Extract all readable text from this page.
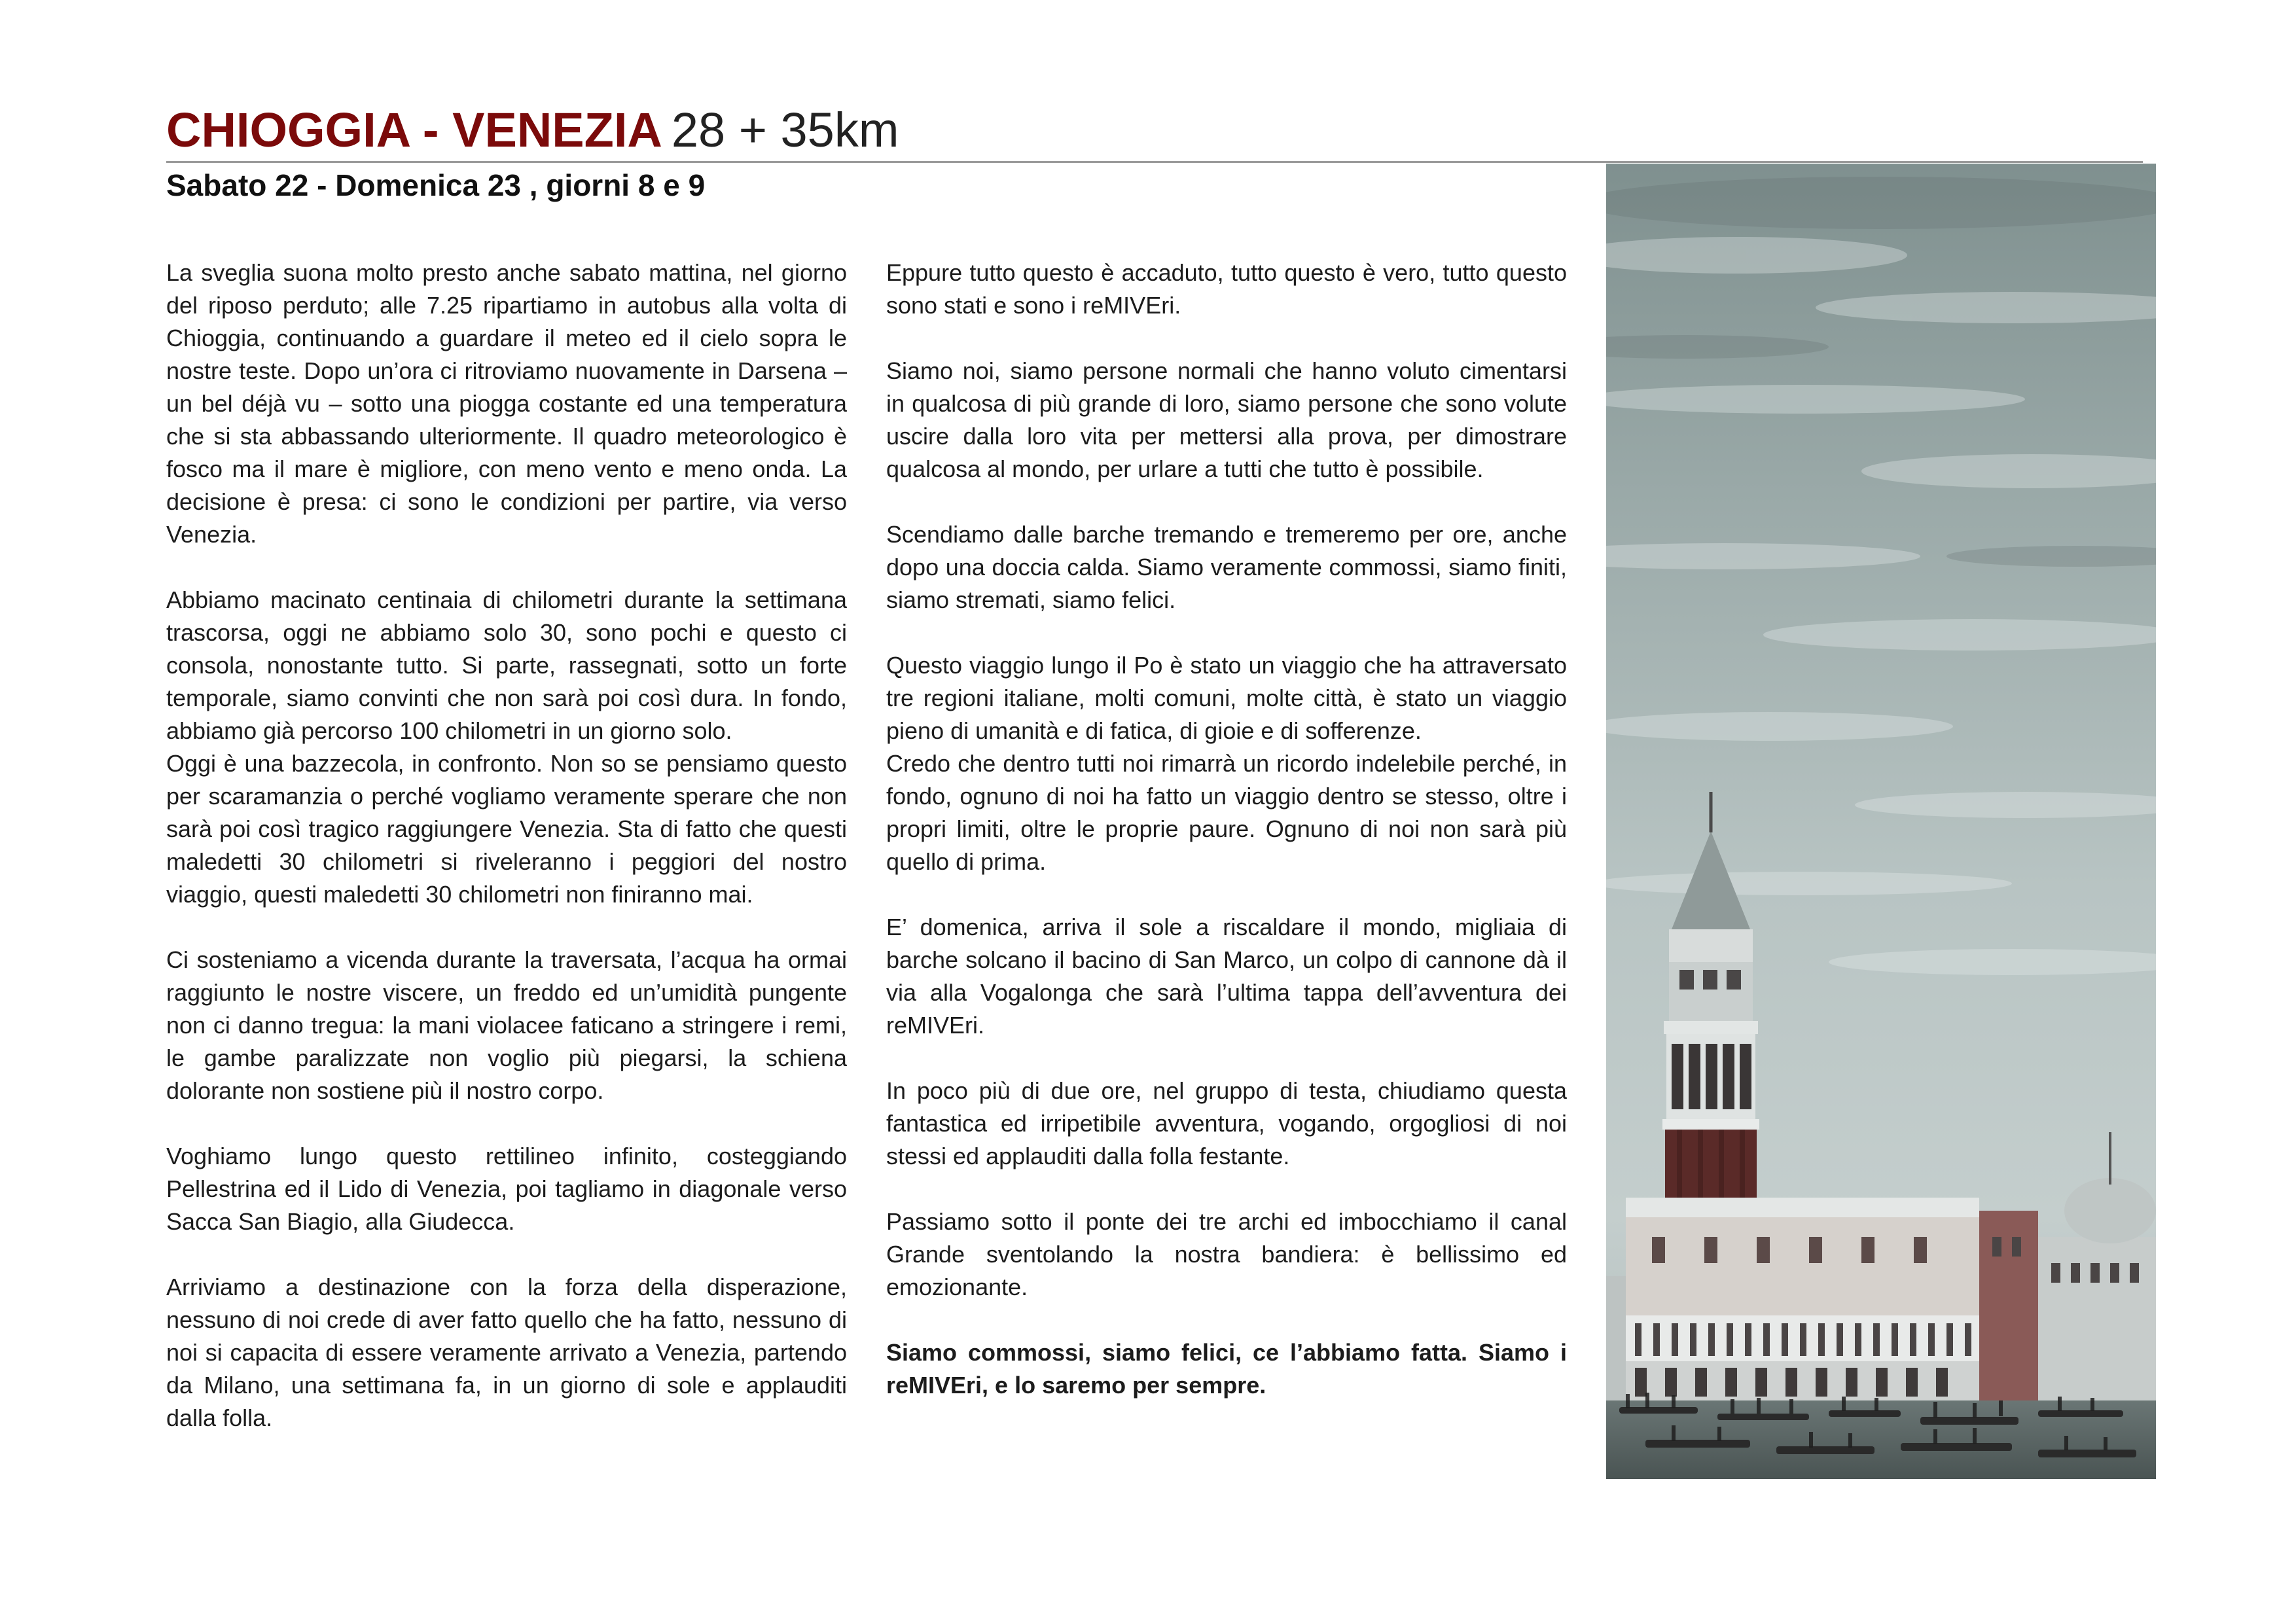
CHIOGGIA - VENEZIA 28 + 35km
Sabato 22 - Domenica 23 , giorni 8 e 9

La sveglia suona molto presto anche sabato mattina, nel giorno del riposo perduto; alle 7.25 ripartiamo in autobus alla volta di Chioggia, continuando a guardare il meteo ed il cielo sopra le nostre teste. Dopo un’ora ci ritroviamo nuovamente in Darsena – un bel déjà vu – sotto una piogga costante ed una temperatura che si sta abbassando ulteriormente. Il quadro meteorologico è fosco ma il mare è migliore, con meno vento e meno onda. La decisione è presa: ci sono le condizioni per partire, via verso Venezia.

Abbiamo macinato centinaia di chilometri durante la settimana trascorsa, oggi ne abbiamo solo 30, sono pochi e questo ci consola, nonostante tutto. Si parte, rassegnati, sotto un forte temporale, siamo convinti che non sarà poi così dura. In fondo, abbiamo già percorso 100 chilometri in un giorno solo.

Oggi è una bazzecola, in confronto. Non so se pensiamo questo per scaramanzia o perché vogliamo veramente sperare che non sarà poi così tragico raggiungere Venezia. Sta di fatto che questi maledetti 30 chilometri si riveleranno i peggiori del nostro viaggio, questi maledetti 30 chilometri non finiranno mai.

Ci sosteniamo a vicenda durante la traversata, l’acqua ha ormai raggiunto le nostre viscere, un freddo ed un’umidità pungente non ci danno tregua: la mani violacee faticano a stringere i remi, le gambe paralizzate non voglio più piegarsi, la schiena dolorante non sostiene più il nostro corpo.

Voghiamo lungo questo rettilineo infinito, costeggiando Pellestrina ed il Lido di Venezia, poi tagliamo in diagonale verso Sacca San Biagio, alla Giudecca.

Arriviamo a destinazione con la forza della disperazione, nessuno di noi crede di aver fatto quello che ha fatto, nessuno di noi si capacita di essere veramente arrivato a Venezia, partendo da Milano, una settimana fa, in un giorno di sole e applauditi dalla folla.

Eppure tutto questo è accaduto, tutto questo è vero, tutto questo sono stati e sono i reMIVEri.

Siamo noi, siamo persone normali che hanno voluto cimentarsi in qualcosa di più grande di loro, siamo persone che sono volute uscire dalla loro vita per mettersi alla prova, per dimostrare qualcosa al mondo, per urlare a tutti che tutto è possibile.

Scendiamo dalle barche tremando e tremeremo per ore, anche dopo una doccia calda. Siamo veramente commossi, siamo finiti, siamo stremati, siamo felici.

Questo viaggio lungo il Po è stato un viaggio che ha attraversato tre regioni italiane, molti comuni, molte città, è stato un viaggio pieno di umanità e di fatica, di gioie e di sofferenze.

Credo che dentro tutti noi rimarrà un ricordo indelebile perché, in fondo, ognuno di noi ha fatto un viaggio dentro se stesso, oltre i propri limiti, oltre le proprie paure. Ognuno di noi non sarà più quello di prima.

E’ domenica, arriva il sole a riscaldare il mondo, migliaia di barche solcano il bacino di San Marco, un colpo di cannone dà il via alla Vogalonga che sarà l’ultima tappa dell’avventura dei reMIVEri.

In poco più di due ore, nel gruppo di testa, chiudiamo questa fantastica ed irripetibile avventura, vogando, orgogliosi di noi stessi ed applauditi dalla folla festante.

Passiamo sotto il ponte dei tre archi ed imbocchiamo il canal Grande sventolando la nostra bandiera: è bellissimo ed emozionante.

Siamo commossi, siamo felici, ce l’abbiamo fatta. Siamo i reMIVEri, e lo saremo per sempre.
